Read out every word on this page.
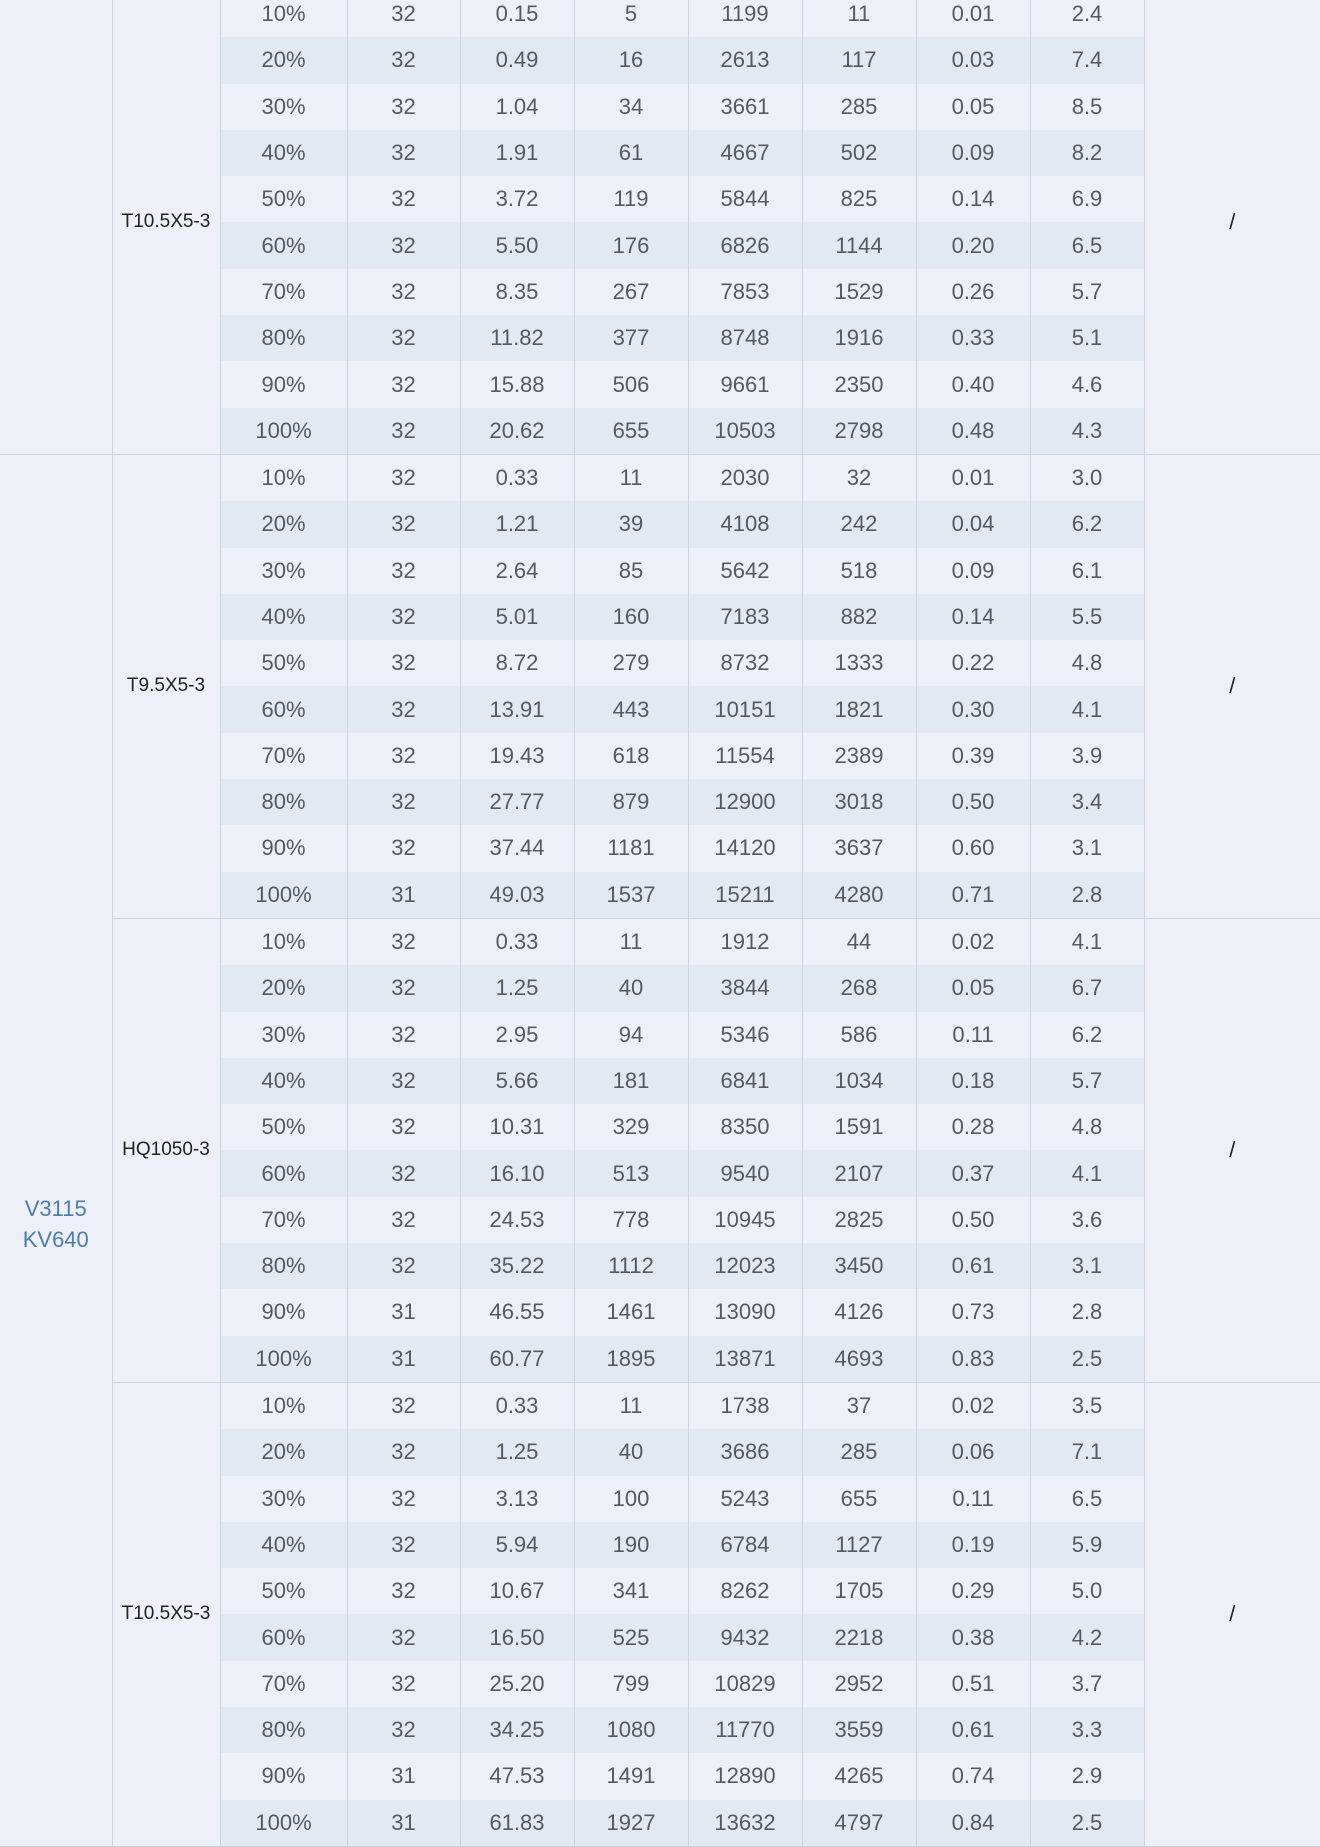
	T10.5X5-3	10%	32	0.15	5	1199	11	0.01	2.4	/
		20%	32	0.49	16	2613	117	0.03	7.4	
		30%	32	1.04	34	3661	285	0.05	8.5	
		40%	32	1.91	61	4667	502	0.09	8.2	
		50%	32	3.72	119	5844	825	0.14	6.9	
		60%	32	5.50	176	6826	1144	0.20	6.5	
		70%	32	8.35	267	7853	1529	0.26	5.7	
		80%	32	11.82	377	8748	1916	0.33	5.1	
		90%	32	15.88	506	9661	2350	0.40	4.6	
		100%	32	20.62	655	10503	2798	0.48	4.3	

V3115
KV640	T9.5X5-3	10%	32	0.33	11	2030	32	0.01	3.0	/
		20%	32	1.21	39	4108	242	0.04	6.2	
		30%	32	2.64	85	5642	518	0.09	6.1	
		40%	32	5.01	160	7183	882	0.14	5.5	
		50%	32	8.72	279	8732	1333	0.22	4.8	
		60%	32	13.91	443	10151	1821	0.30	4.1	
		70%	32	19.43	618	11554	2389	0.39	3.9	
		80%	32	27.77	879	12900	3018	0.50	3.4	
		90%	32	37.44	1181	14120	3637	0.60	3.1	
		100%	31	49.03	1537	15211	4280	0.71	2.8	
	HQ1050-3	10%	32	0.33	11	1912	44	0.02	4.1	/
		20%	32	1.25	40	3844	268	0.05	6.7	
		30%	32	2.95	94	5346	586	0.11	6.2	
		40%	32	5.66	181	6841	1034	0.18	5.7	
		50%	32	10.31	329	8350	1591	0.28	4.8	
		60%	32	16.10	513	9540	2107	0.37	4.1	
		70%	32	24.53	778	10945	2825	0.50	3.6	
		80%	32	35.22	1112	12023	3450	0.61	3.1	
		90%	31	46.55	1461	13090	4126	0.73	2.8	
		100%	31	60.77	1895	13871	4693	0.83	2.5	
	T10.5X5-3	10%	32	0.33	11	1738	37	0.02	3.5	/
		20%	32	1.25	40	3686	285	0.06	7.1	
		30%	32	3.13	100	5243	655	0.11	6.5	
		40%	32	5.94	190	6784	1127	0.19	5.9	
		50%	32	10.67	341	8262	1705	0.29	5.0	
		60%	32	16.50	525	9432	2218	0.38	4.2	
		70%	32	25.20	799	10829	2952	0.51	3.7	
		80%	32	34.25	1080	11770	3559	0.61	3.3	
		90%	31	47.53	1491	12890	4265	0.74	2.9	
		100%	31	61.83	1927	13632	4797	0.84	2.5	
